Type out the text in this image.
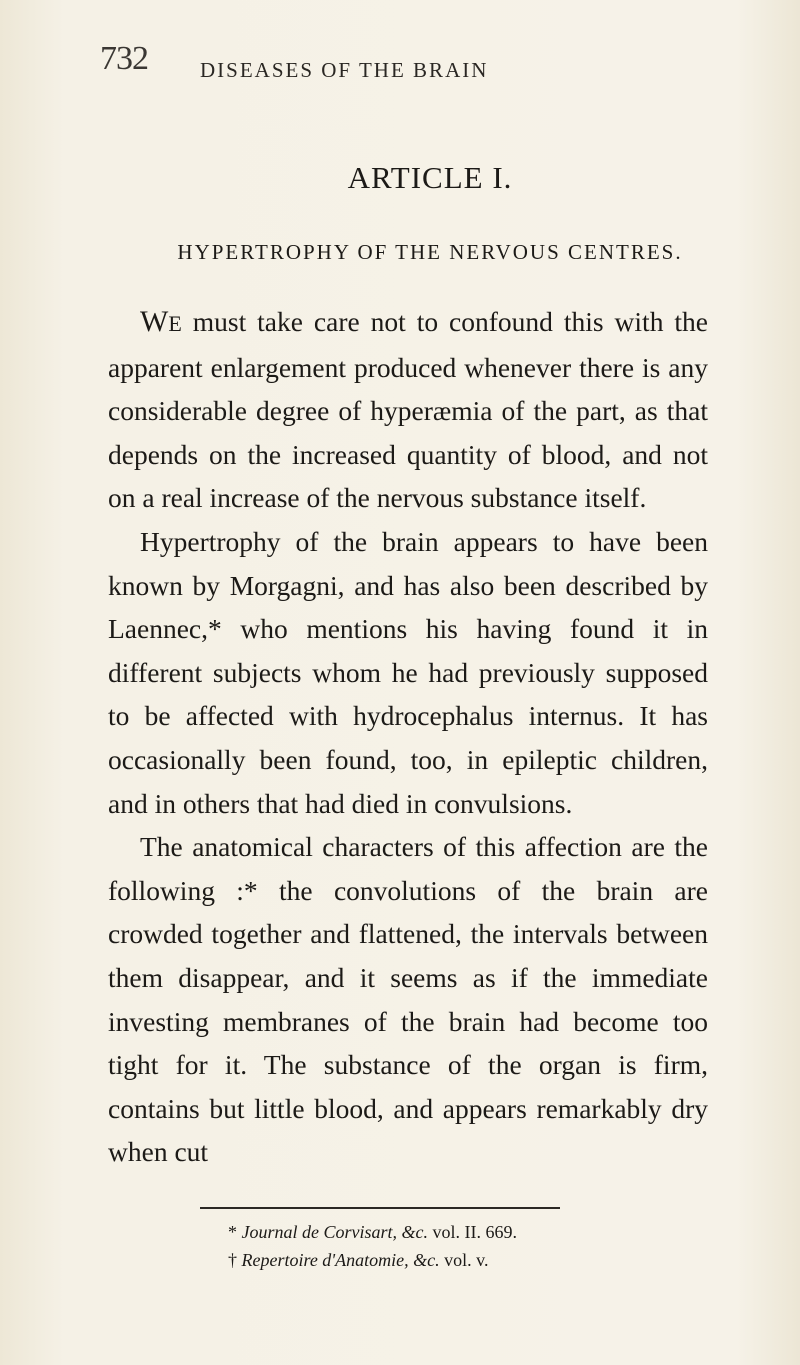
732 DISEASES OF THE BRAIN
ARTICLE I.
HYPERTROPHY OF THE NERVOUS CENTRES.

WE must take care not to confound this with the apparent enlargement produced whenever there is any considerable degree of hyperæmia of the part, as that depends on the increased quantity of blood, and not on a real increase of the nervous substance itself.

Hypertrophy of the brain appears to have been known by Morgagni, and has also been described by Laennec,* who mentions his having found it in different subjects whom he had previously supposed to be affected with hydrocephalus internus. It has occasionally been found, too, in epileptic children, and in others that had died in convulsions.

The anatomical characters of this affection are the following :* the convolutions of the brain are crowded together and flattened, the intervals between them disappear, and it seems as if the immediate investing membranes of the brain had become too tight for it. The substance of the organ is firm, contains but little blood, and appears remarkably dry when cut

* Journal de Corvisart, &c. vol. II. 669.
† Repertoire d'Anatomie, &c. vol. v.
